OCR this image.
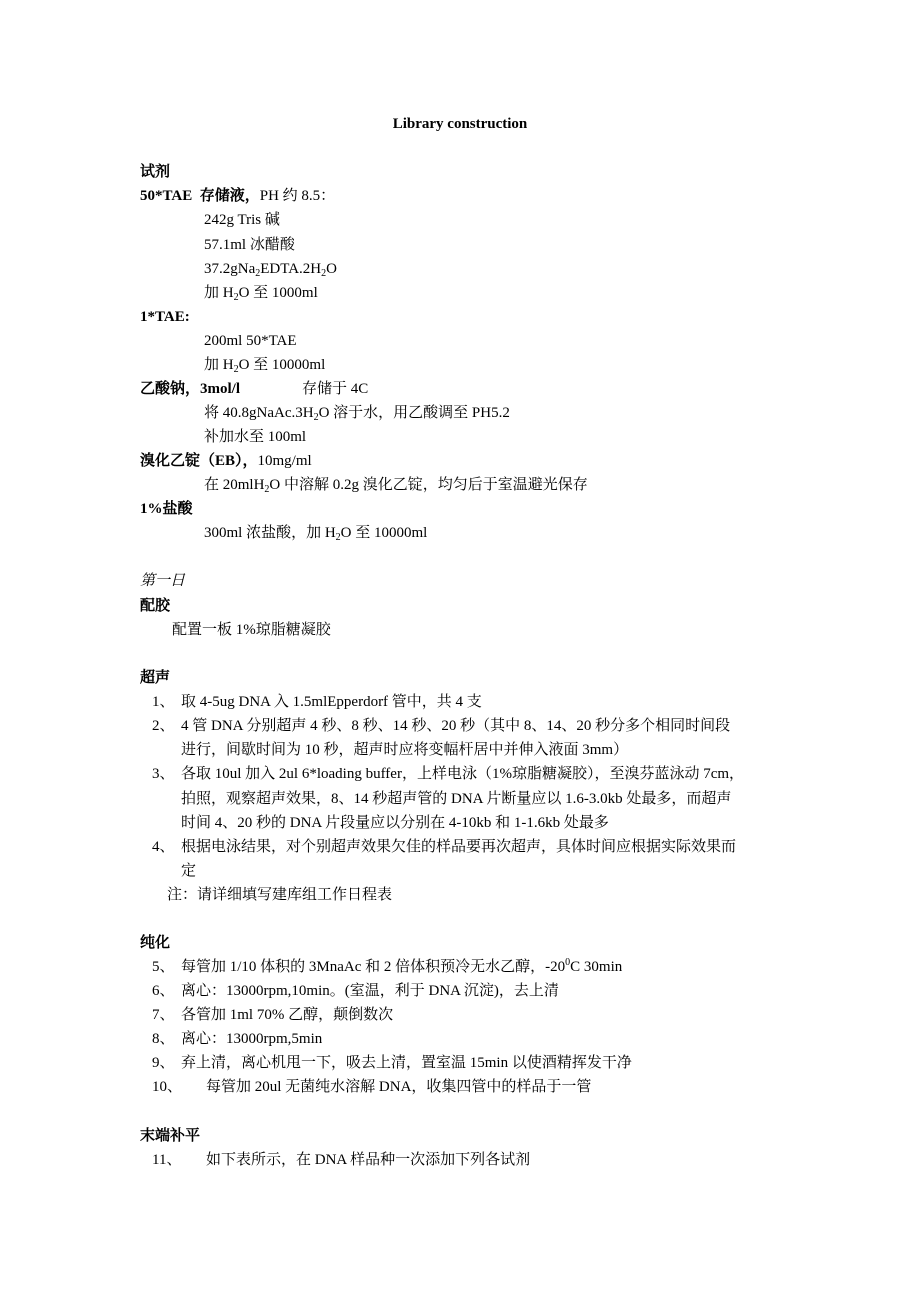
Library construction
试剂
50*TAE 存储液，PH 约 8.5：
242g Tris 碱
57.1ml 冰醋酸
$37.2gNa_2EDTA.2H_2O$
加 $H_2O$ 至 1000ml
1*TAE:
200ml 50*TAE
加 $H_2O$ 至 10000ml
乙酸钠，3mol/l	存储于 4C
将 $40.8gNaAc.3H_2O$ 溶于水，用乙酸调至 PH5.2
补加水至 100ml
溴化乙锭（EB），10mg/ml
在 20mlH$_2$O 中溶解 0.2g 溴化乙锭，均匀后于室温避光保存
1%盐酸
300ml 浓盐酸，加 $H_2O$ 至 10000ml
第一日
配胶
配置一板 1%琼脂糖凝胶
超声
1、 取 4-5ug DNA 入 1.5mlEpperdorf 管中，共 4 支
2、 4 管 DNA 分别超声 4 秒、8 秒、14 秒、20 秒（其中 8、14、20 秒分多个相同时间段
进行，间歇时间为 10 秒，超声时应将变幅杆居中并伸入液面 3mm）
3、 各取 10ul 加入 2ul 6*loading buffer，上样电泳（1%琼脂糖凝胶），至溴芬蓝泳动 7cm，
拍照，观察超声效果，8、14 秒超声管的 DNA 片断量应以 1.6-3.0kb 处最多，而超声
时间 4、20 秒的 DNA 片段量应以分别在 4-10kb 和 1-1.6kb 处最多
4、 根据电泳结果，对个别超声效果欠佳的样品要再次超声，具体时间应根据实际效果而
定
注：请详细填写建库组工作日程表
纯化
5、 每管加 1/10 体积的 3MnaAc 和 2 倍体积预冷无水乙醇，$-20^0C$ 30min
6、 离心：13000rpm,10min。(室温，利于 DNA 沉淀)，去上清
7、 各管加 1ml 70% 乙醇，颠倒数次
8、 离心：13000rpm,5min
9、 弃上清，离心机甩一下，吸去上清，置室温 15min 以使酒精挥发干净
10、 每管加 20ul 无菌纯水溶解 DNA，收集四管中的样品于一管
末端补平
11、 如下表所示，在 DNA 样品种一次添加下列各试剂
